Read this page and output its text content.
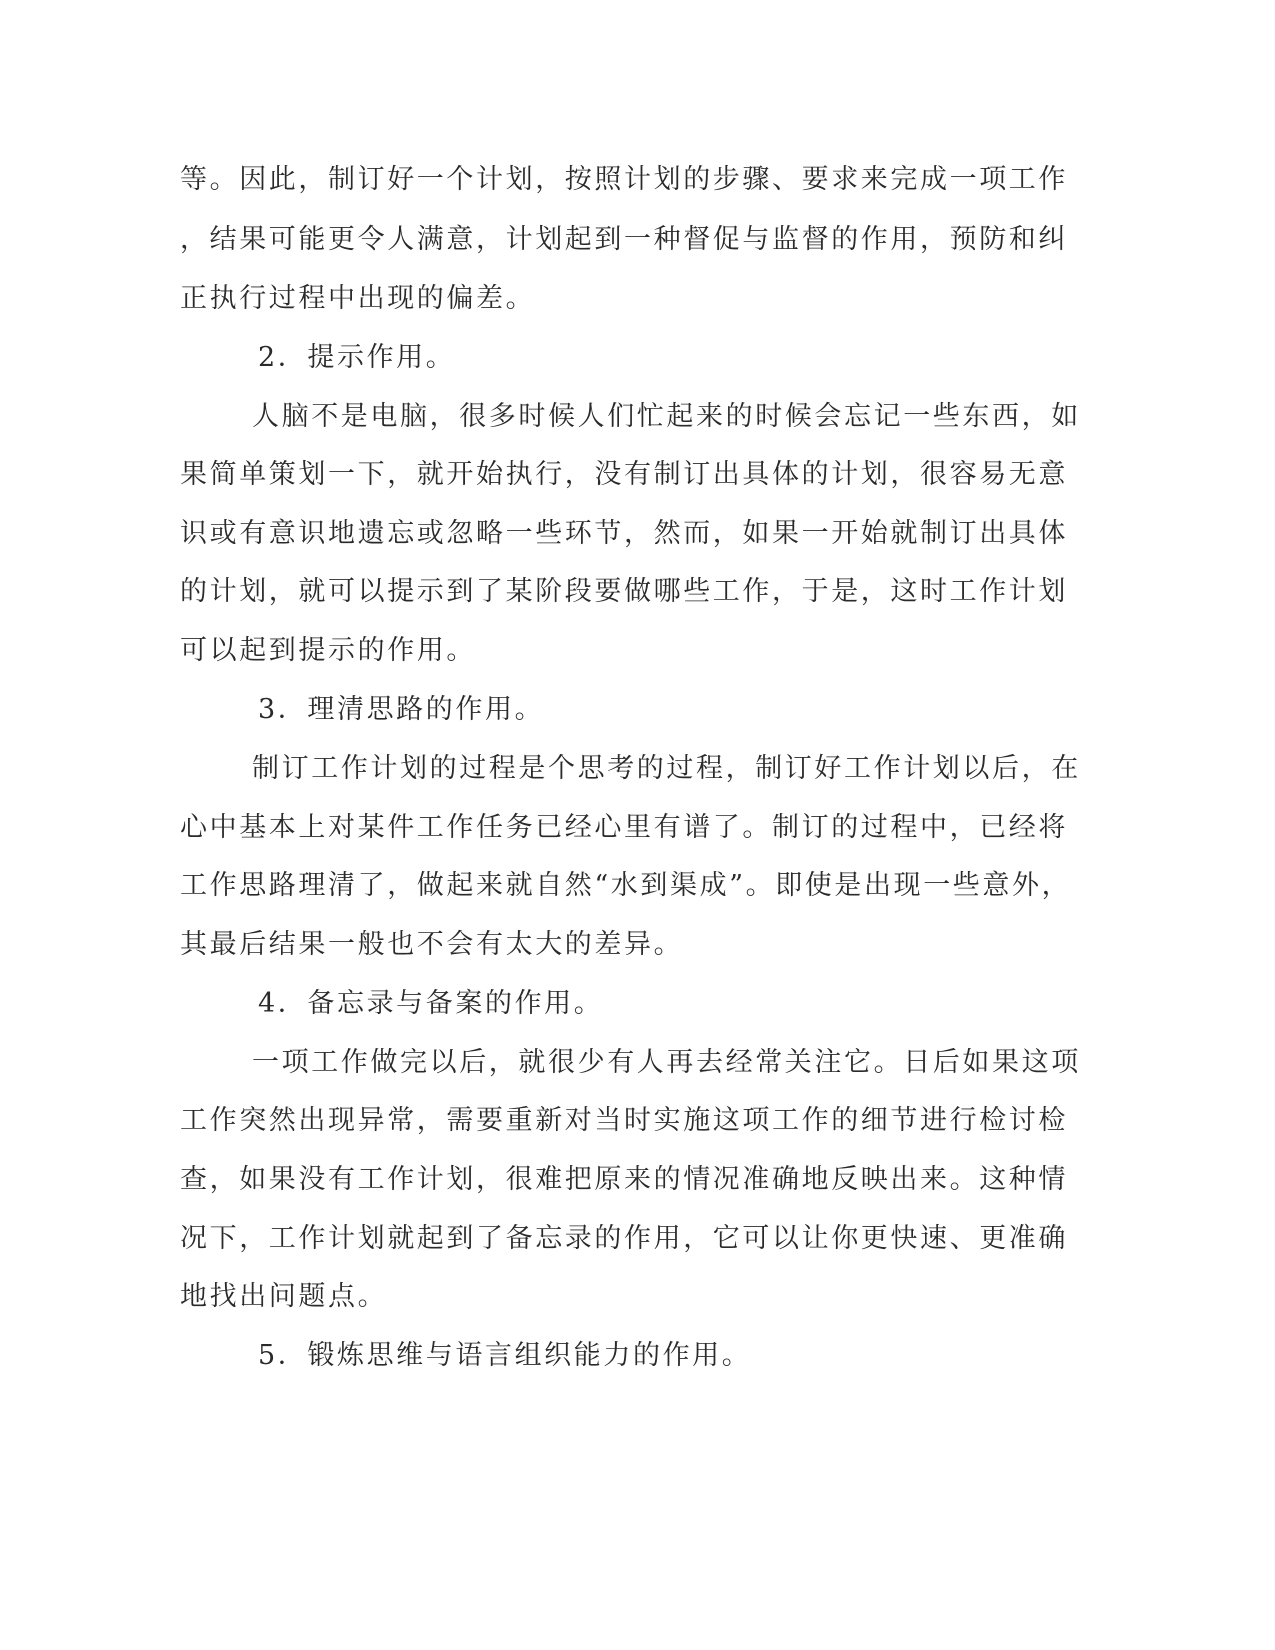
等。因此，制订好一个计划，按照计划的步骤、要求来完成一项工作
，结果可能更令人满意，计划起到一种督促与监督的作用，预防和纠
正执行过程中出现的偏差。
2．提示作用。
人脑不是电脑，很多时候人们忙起来的时候会忘记一些东西，如
果简单策划一下，就开始执行，没有制订出具体的计划，很容易无意
识或有意识地遗忘或忽略一些环节，然而，如果一开始就制订出具体
的计划，就可以提示到了某阶段要做哪些工作，于是，这时工作计划
可以起到提示的作用。
3．理清思路的作用。
制订工作计划的过程是个思考的过程，制订好工作计划以后，在
心中基本上对某件工作任务已经心里有谱了。制订的过程中，已经将
工作思路理清了，做起来就自然“水到渠成”。即使是出现一些意外，
其最后结果一般也不会有太大的差异。
4．备忘录与备案的作用。
一项工作做完以后，就很少有人再去经常关注它。日后如果这项
工作突然出现异常，需要重新对当时实施这项工作的细节进行检讨检
查，如果没有工作计划，很难把原来的情况准确地反映出来。这种情
况下，工作计划就起到了备忘录的作用，它可以让你更快速、更准确
地找出问题点。
5．锻炼思维与语言组织能力的作用。
